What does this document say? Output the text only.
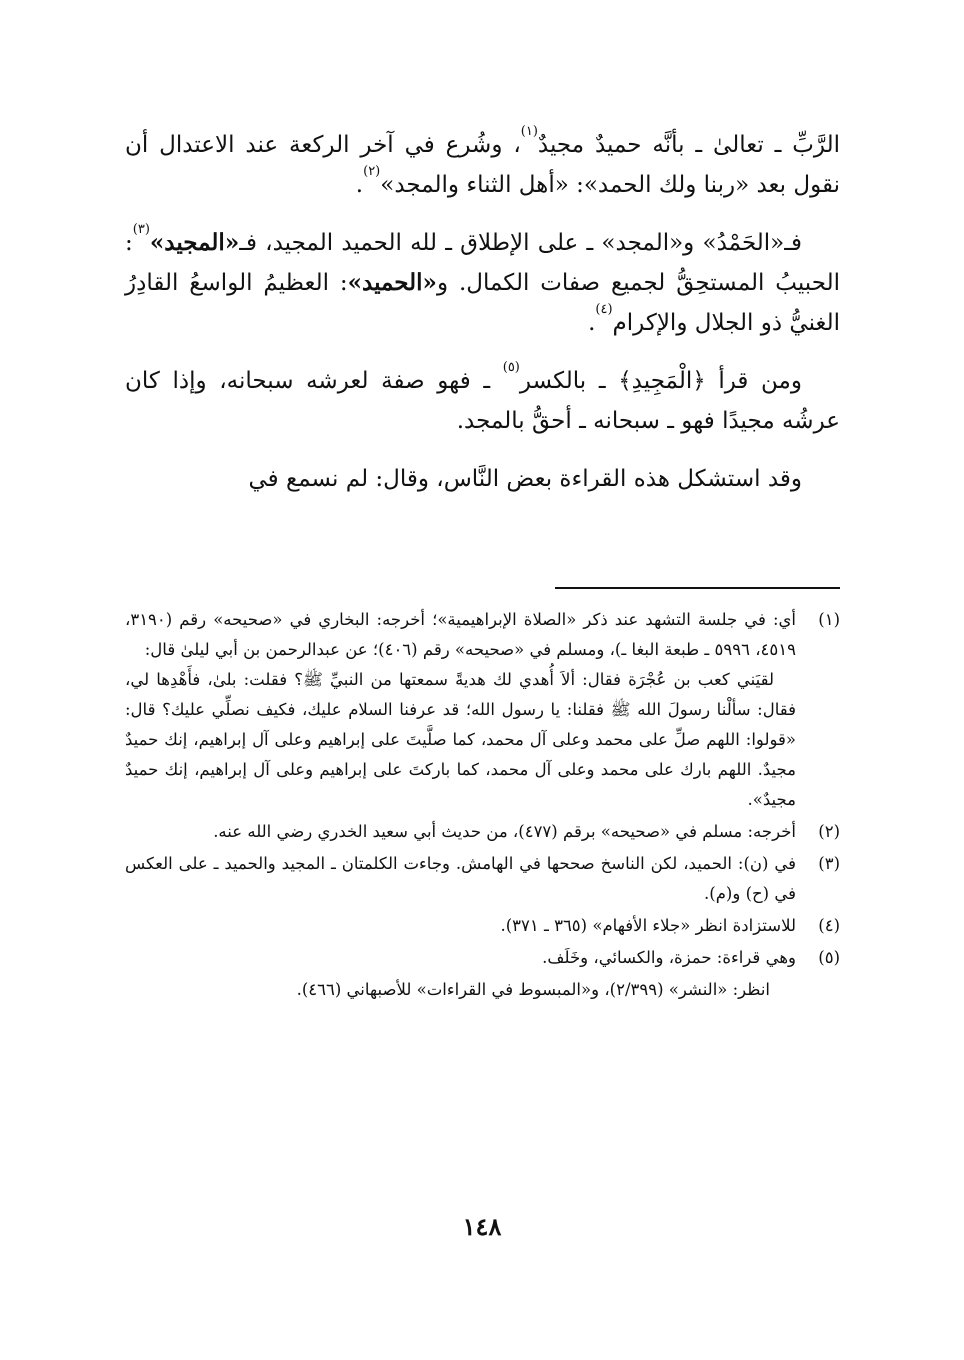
الرَّبِّ ـ تعالىٰ ـ بأنَّه حميدٌ مجيدٌ$^{(١)}$، وشُرع في آخر الركعة عند الاعتدال أن نقول بعد «ربنا ولك الحمد»: «أهل الثناء والمجد»$^{(٢)}$.

فـ«الحَمْدُ» و«المجد» ـ على الإطلاق ـ لله الحميد المجيد، فـ«المجيد»$^{(٣)}$: الحبيبُ المستحِقُّ لجميع صفات الكمال. و«الحميد»: العظيمُ الواسعُ القادِرُ الغنيُّ ذو الجلال والإكرام$^{(٤)}$.

ومن قرأ ﴿الْمَجِيدِ﴾ ـ بالكسر$^{(٥)}$ ـ فهو صفة لعرشه سبحانه، وإذا كان عرشُه مجيدًا فهو ـ سبحانه ـ أحقُّ بالمجد.

وقد استشكل هذه القراءة بعض النَّاس، وقال: لم نسمع في

(١)

أي: في جلسة التشهد عند ذكر «الصلاة الإبراهيمية»؛ أخرجه: البخاري في «صحيحه» رقم (٣١٩٠، ٤٥١٩، ٥٩٩٦ ـ طبعة البغا ـ)، ومسلم في «صحيحه» رقم (٤٠٦)؛ عن عبدالرحمن بن أبي ليلىٰ قال:

لقيَني كعب بن عُجْرَة فقال: ألاَ أُهدي لك هديةً سمعتها من النبيِّ ﷺ؟ فقلت: بلىٰ، فأَهْدِها لي، فقال: سألْنا رسولَ الله ﷺ فقلنا: يا رسول الله؛ قد عرفنا السلام عليك، فكيف نصلِّي عليك؟ قال: «قولوا: اللهم صلِّ على محمد وعلى آل محمد، كما صلَّيتَ على إبراهيم وعلى آل إبراهيم، إنك حميدٌ مجيدٌ. اللهم بارك على محمد وعلى آل محمد، كما باركتَ على إبراهيم وعلى آل إبراهيم، إنك حميدٌ مجيدٌ».

(٢)

أخرجه: مسلم في «صحيحه» برقم (٤٧٧)، من حديث أبي سعيد الخدري رضي الله عنه.

(٣)

في (ن): الحميد، لكن الناسخ صححها في الهامش. وجاءت الكلمتان ـ المجيد والحميد ـ على العكس في (ح) و(م).

(٤)

للاستزادة انظر «جلاء الأفهام» (٣٦٥ ـ ٣٧١).

(٥)

وهي قراءة: حمزة، والكسائي، وخَلَف.

انظر: «النشر» (٢/٣٩٩)، و«المبسوط في القراءات» للأصبهاني (٤٦٦).
١٤٨
